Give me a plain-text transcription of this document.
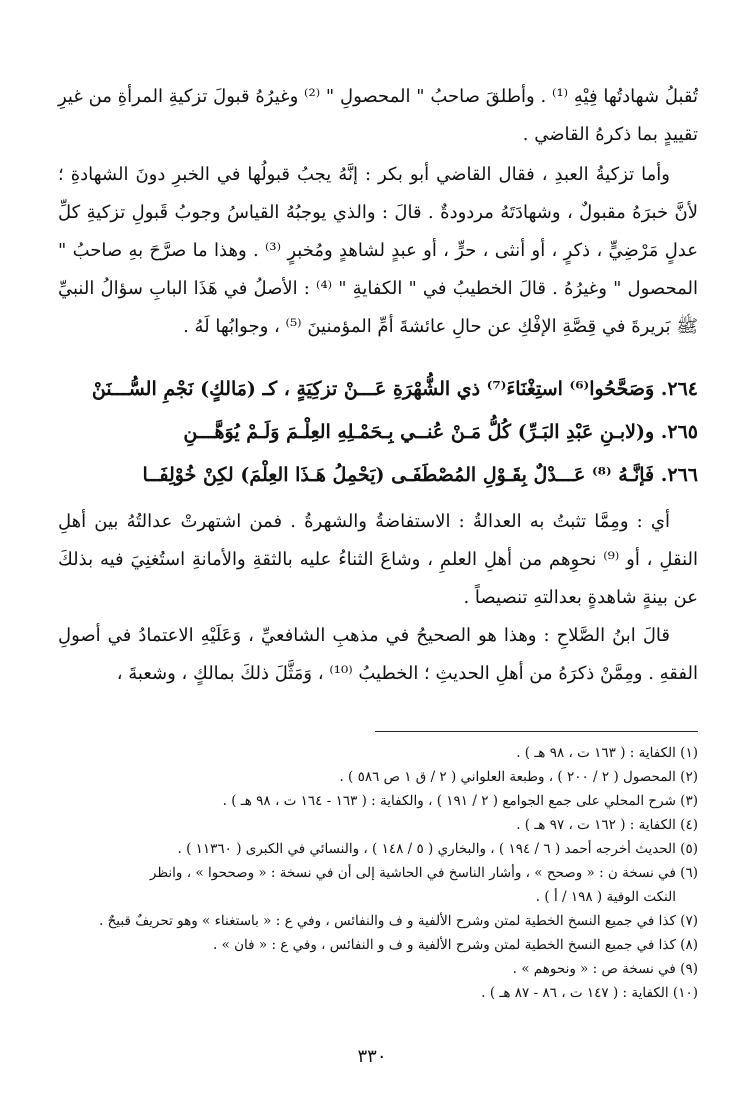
تُقبلُ شهادتُها فِيْهِ ⁽¹⁾ . وأطلقَ صاحبُ " المحصولِ " ⁽²⁾ وغيرُهُ قبولَ تزكيةِ المرأةِ من غيرِ تقييدٍ بما ذكرهُ القاضي .

وأما تزكيةُ العبدِ ، فقال القاضي أبو بكر : إنَّهُ يجبُ قبولُها في الخبرِ دونَ الشهادةِ ؛ لأنَّ خبرَهُ مقبولٌ ، وشهادَتَهُ مردودةٌ . قالَ : والذي يوجبُهُ القياسُ وجوبُ قَبولِ تزكيةِ كلِّ عدلٍ مَرْضِيٍّ ، ذكرٍ ، أو أنثى ، حرٍّ ، أو عبدٍ لشاهدٍ ومُخبرٍ ⁽³⁾ . وهذا ما صرَّحَ بهِ صاحبُ " المحصول " وغيرُهُ . قالَ الخطيبُ في " الكفايةِ " ⁽⁴⁾ : الأصلُ في هَذَا البابِ سؤالُ النبيِّ ﷺ بَريرةَ في قِصَّةِ الإفْكِ عن حالِ عائشةَ أمِّ المؤمنينَ ⁽⁵⁾ ، وجوابُها لَهُ .

٢٦٤. وَصَحَّحُوا⁽⁶⁾ استِغْنَاءَ⁽⁷⁾ ذي الشُّهْرَةِ عَـــنْ تزكِيَةٍ ، كـ (مَالكٍ) نَجْمِ السُّـــنَنْ
٢٦٥. و(لابـنِ عَبْدِ البَـرِّ) كُلُّ مَـنْ عُنــي بِـحَمْـلِهِ العِلْـمَ وَلَـمْ يُوَهَّـــنِ
٢٦٦. فَإنَّـهُ ⁽⁸⁾ عَـــدْلٌ بِقَـوْلِ المُصْطَفَـى (يَحْمِلُ هَـذَا العِلْمَ) لكِنْ خُوْلِفَــا

أي : ومِمَّا تثبتُ به العدالةُ : الاستفاضةُ والشهرةُ . فمن اشتهرتْ عدالتُهُ بين أهلِ النقلِ ، أو ⁽⁹⁾ نحوِهم من أهلِ العلمِ ، وشاعَ الثناءُ عليه بالثقةِ والأمانةِ استُغنِيَ فيه بذلكَ عن بينةٍ شاهدةٍ بعدالتهِ تنصيصاً .

قالَ ابنُ الصَّلاحِ : وهذا هو الصحيحُ في مذهبِ الشافعيِّ ، وَعَلَيْهِ الاعتمادُ في أصولِ الفقهِ . ومِمَّنْ ذكرَهُ من أهلِ الحديثِ ؛ الخطيبُ ⁽¹⁰⁾ ، وَمَثَّلَ ذلكَ بمالكٍ ، وشعبةَ ،

(١) الكفاية : ( ١٦٣ ت ، ٩٨ هـ ) .

(٢) المحصول ( ٢ / ٢٠٠ ) ، وطبعة العلواني ( ٢ / ق ١ ص ٥٨٦ ) .

(٣) شرح المحلي على جمع الجوامع ( ٢ / ١٩١ ) ، والكفاية : ( ١٦٣ - ١٦٤ ت ، ٩٨ هـ ) .

(٤) الكفاية : ( ١٦٢ ت ، ٩٧ هـ ) .

(٥) الحديث أخرجه أحمد ( ٦ / ١٩٤ ) ، والبخاري ( ٥ / ١٤٨ ) ، والنسائي في الكبرى ( ١١٣٦٠ ) .

(٦) في نسخة ن : « وصحح » ، وأشار الناسخ في الحاشية إلى أن في نسخة : « وصححوا » ، وانظر

النكت الوفية ( ١٩٨ / أ ) .

(٧) كذا في جميع النسخ الخطية لمتن وشرح الألفية و ف والنفائس ، وفي ع : « باستغناء » وهو تحريفٌ قبيحٌ .

(٨) كذا في جميع النسخ الخطية لمتن وشرح الألفية و ف و النفائس ، وفي ع : « فان » .

(٩) في نسخة ص : « ونحوهم » .

(١٠) الكفاية : ( ١٤٧ ت ، ٨٦ - ٨٧ هـ ) .

٣٣٠
